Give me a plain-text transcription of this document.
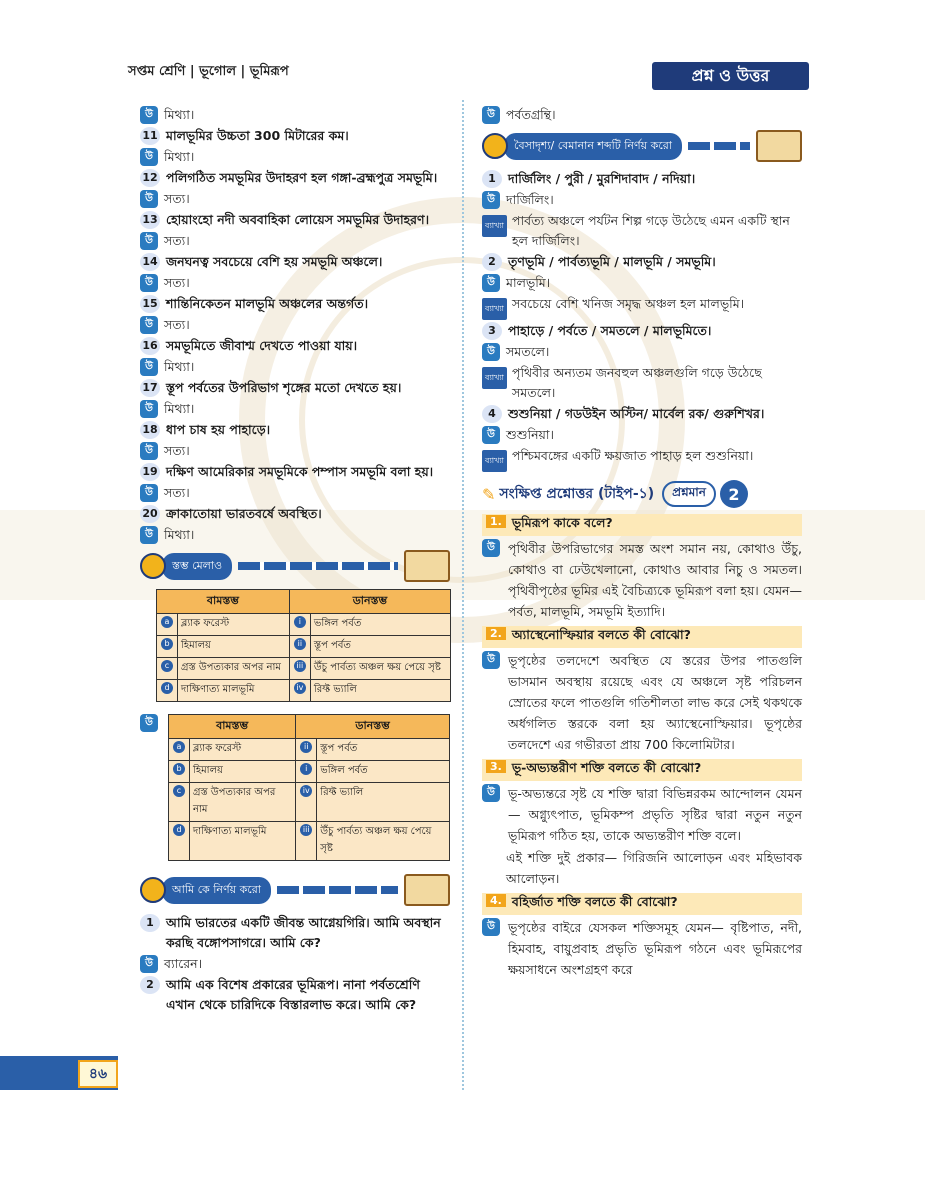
সপ্তম শ্রেণি | ভূগোল | ভূমিরূপ	প্রশ্ন ও উত্তর
উ মিথ্যা।
11 মালভূমির উচ্চতা 300 মিটারের কম।
উ মিথ্যা।
12 পলিগঠিত সমভূমির উদাহরণ হল গঙ্গা-ব্রহ্মপুত্র সমভূমি।
উ সত্য।
13 হোয়াংহো নদী অববাহিকা লোয়েস সমভূমির উদাহরণ।
উ সত্য।
14 জনঘনত্ব সবচেয়ে বেশি হয় সমভূমি অঞ্চলে।
উ সত্য।
15 শান্তিনিকেতন মালভূমি অঞ্চলের অন্তর্গত।
উ সত্য।
16 সমভূমিতে জীবাশ্ম দেখতে পাওয়া যায়।
উ মিথ্যা।
17 স্তূপ পর্বতের উপরিভাগ শৃঙ্গের মতো দেখতে হয়।
উ মিথ্যা।
18 ধাপ চাষ হয় পাহাড়ে।
উ সত্য।
19 দক্ষিণ আমেরিকার সমভূমিকে পম্পাস সমভূমি বলা হয়।
উ সত্য।
20 ক্রাকাতোয়া ভারতবর্ষে অবস্থিত।
উ মিথ্যা।
স্তম্ভ মেলাও
বামস্তম্ভ		ডানস্তম্ভ	
a	ব্ল্যাক ফরেস্ট	i	ভঙ্গিল পর্বত
b	হিমালয়	ii	স্তূপ পর্বত
c	গ্রস্ত উপত্যকার অপর নাম	iii	উঁচু পার্বত্য অঞ্চল ক্ষয় পেয়ে সৃষ্ট
d	দাক্ষিণাত্য মালভূমি	iv	রিফ্ট ভ্যালি
উ	বামস্তম্ভ		ডানস্তম্ভ	
a	ব্ল্যাক ফরেস্ট	ii	স্তূপ পর্বত
b	হিমালয়	i	ভঙ্গিল পর্বত
c	গ্রস্ত উপত্যকার অপর নাম	iv	রিফ্ট ভ্যালি
d	দাক্ষিণাত্য মালভূমি	iii	উঁচু পার্বত্য অঞ্চল ক্ষয় পেয়ে সৃষ্ট
আমি কে নির্ণয় করো
1 আমি ভারতের একটি জীবন্ত আগ্নেয়গিরি। আমি অবস্থান করছি বঙ্গোপসাগরে। আমি কে?
উ ব্যারেন।
2 আমি এক বিশেষ প্রকারের ভূমিরূপ। নানা পর্বতশ্রেণি এখান থেকে চারিদিকে বিস্তারলাভ করে। আমি কে?
উ পর্বতগ্রন্থি।
বৈসাদৃশ্য/ বেমানান শব্দটি নির্ণয় করো
1 দার্জিলিং / পুরী / মুরশিদাবাদ / নদিয়া।
উ দার্জিলিং।
ব্যাখ্যা পার্বত্য অঞ্চলে পর্যটন শিল্প গড়ে উঠেছে এমন একটি স্থান হল দার্জিলিং।
2 তৃণভূমি / পার্বত্যভূমি / মালভূমি / সমভূমি।
উ মালভূমি।
ব্যাখ্যা সবচেয়ে বেশি খনিজ সমৃদ্ধ অঞ্চল হল মালভূমি।
3 পাহাড়ে / পর্বতে / সমতলে / মালভূমিতে।
উ সমতলে।
ব্যাখ্যা পৃথিবীর অন্যতম জনবহুল অঞ্চলগুলি গড়ে উঠেছে সমতলে।
4 শুশুনিয়া / গডউইন অস্টিন/ মার্বেল রক/ গুরুশিখর।
উ শুশুনিয়া।
ব্যাখ্যা পশ্চিমবঙ্গের একটি ক্ষয়জাত পাহাড় হল শুশুনিয়া।
✎ সংক্ষিপ্ত প্রশ্নোত্তর (টাইপ-১)	প্রশ্নমান	2
1. ভূমিরূপ কাকে বলে?
উ	পৃথিবীর উপরিভাগের সমস্ত অংশ সমান নয়, কোথাও উঁচু, কোথাও বা ঢেউখেলানো, কোথাও আবার নিচু ও সমতল। পৃথিবীপৃষ্ঠের ভূমির এই বৈচিত্র্যকে ভূমিরূপ বলা হয়। যেমন— পর্বত, মালভূমি, সমভূমি ইত্যাদি।
2. অ্যাস্থেনোস্ফিয়ার বলতে কী বোঝো?
উ	ভূপৃষ্ঠের তলদেশে অবস্থিত যে স্তরের উপর পাতগুলি ভাসমান অবস্থায় রয়েছে এবং যে অঞ্চলে সৃষ্ট পরিচলন স্রোতের ফলে পাতগুলি গতিশীলতা লাভ করে সেই থকথকে অর্ধগলিত স্তরকে বলা হয় অ্যাস্থেনোস্ফিয়ার। ভূপৃষ্ঠের তলদেশে এর গভীরতা প্রায় 700 কিলোমিটার।
3. ভূ-অভ্যন্তরীণ শক্তি বলতে কী বোঝো?
উ	ভূ-অভ্যন্তরে সৃষ্ট যে শক্তি দ্বারা বিভিন্নরকম আন্দোলন যেমন— অগ্ন্যুৎপাত, ভূমিকম্প প্রভৃতি সৃষ্টির দ্বারা নতুন নতুন ভূমিরূপ গঠিত হয়, তাকে অভ্যন্তরীণ শক্তি বলে।
এই শক্তি দুই প্রকার— গিরিজনি আলোড়ন এবং মহিভাবক আলোড়ন।
4. বহির্জাত শক্তি বলতে কী বোঝো?
উ	ভূপৃষ্ঠের বাইরে যেসকল শক্তিসমূহ যেমন— বৃষ্টিপাত, নদী, হিমবাহ, বায়ুপ্রবাহ প্রভৃতি ভূমিরূপ গঠনে এবং ভূমিরূপের ক্ষয়সাধনে অংশগ্রহণ করে
৪৬
